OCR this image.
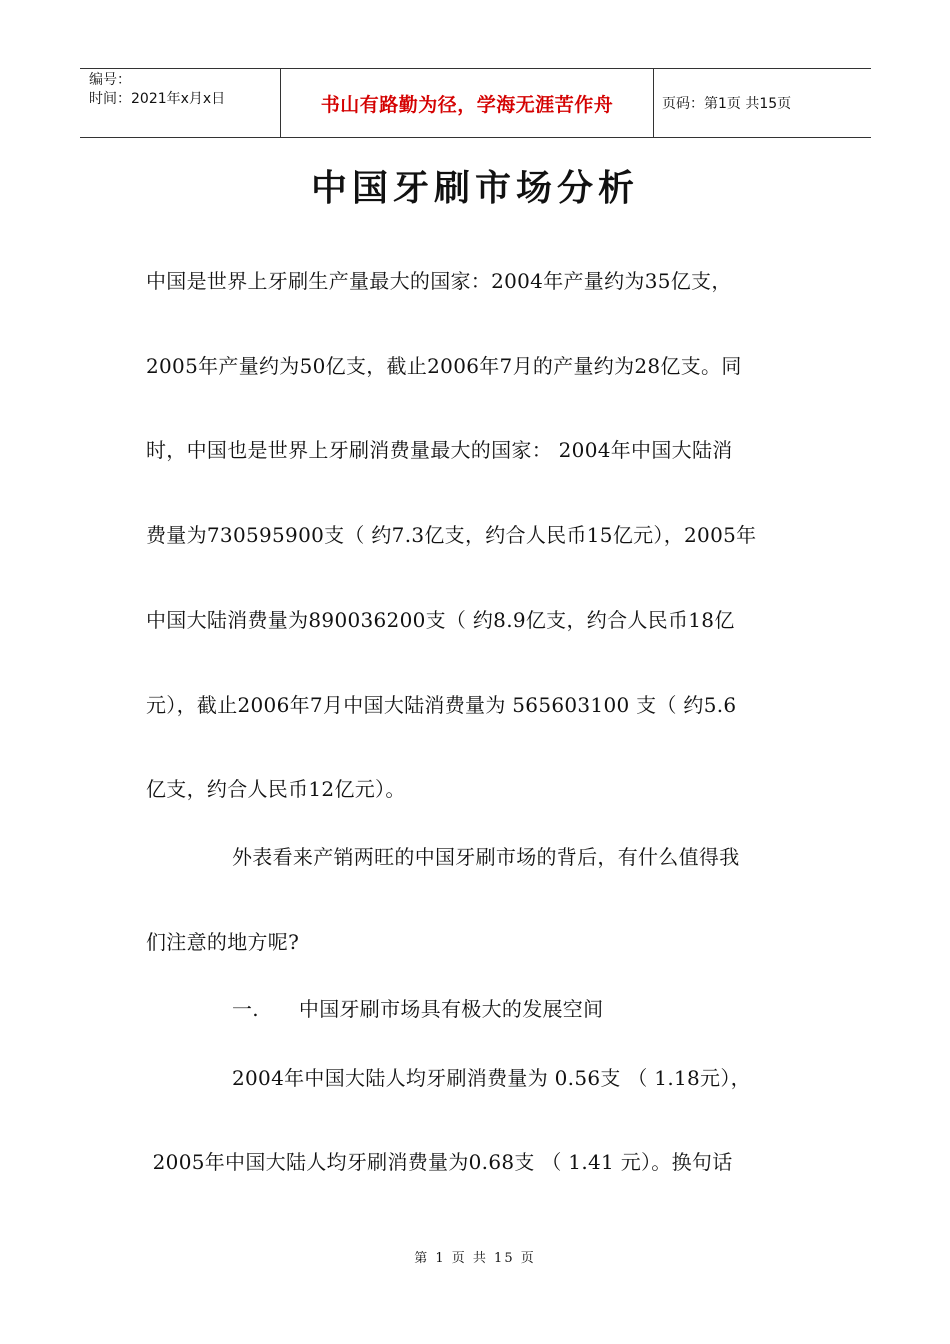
编号：
时间：2021年x月x日	书山有路勤为径，学海无涯苦作舟	页码：第1页 共15页
中国牙刷市场分析
中国是世界上牙刷生产量最大的国家：2004年产量约为35亿支，
2005年产量约为50亿支，截止2006年7月的产量约为28亿支。同
时，中国也是世界上牙刷消费量最大的国家： 2004年中国大陆消
费量为730595900支（ 约7.3亿支，约合人民币15亿元），2005年
中国大陆消费量为890036200支（ 约8.9亿支，约合人民币18亿
元），截止2006年7月中国大陆消费量为 565603100 支（ 约5.6
亿支，约合人民币12亿元）。
外表看来产销两旺的中国牙刷市场的背后，有什么值得我
们注意的地方呢?
一.      中国牙刷市场具有极大的发展空间
2004年中国大陆人均牙刷消费量为 0.56支 （ 1.18元），
2005年中国大陆人均牙刷消费量为0.68支 （ 1.41 元）。换句话
第 1 页 共 15 页
